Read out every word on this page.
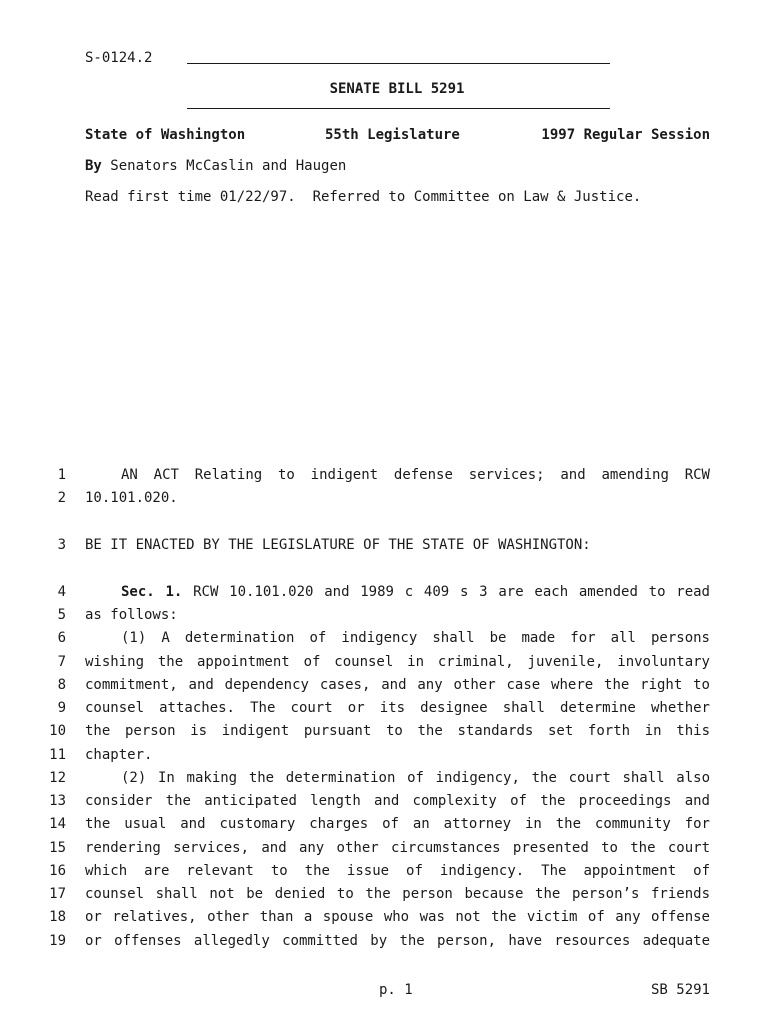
S-0124.2
SENATE BILL 5291
State of Washington	55th Legislature	1997 Regular Session
By Senators McCaslin and Haugen
Read first time 01/22/97.  Referred to Committee on Law & Justice.
1	AN ACT Relating to indigent defense services; and amending RCW
2 10.101.020.
3 BE IT ENACTED BY THE LEGISLATURE OF THE STATE OF WASHINGTON:
4	Sec. 1. RCW 10.101.020 and 1989 c 409 s 3 are each amended to read
5 as follows:
6	(1) A determination of indigency shall be made for all persons
7 wishing the appointment of counsel in criminal, juvenile, involuntary
8 commitment, and dependency cases, and any other case where the right to
9 counsel attaches. The court or its designee shall determine whether
10 the person is indigent pursuant to the standards set forth in this
11 chapter.
12	(2) In making the determination of indigency, the court shall also
13 consider the anticipated length and complexity of the proceedings and
14 the usual and customary charges of an attorney in the community for
15 rendering services, and any other circumstances presented to the court
16 which are relevant to the issue of indigency. The appointment of
17 counsel shall not be denied to the person because the person’s friends
18 or relatives, other than a spouse who was not the victim of any offense
19 or offenses allegedly committed by the person, have resources adequate
p. 1	SB 5291
